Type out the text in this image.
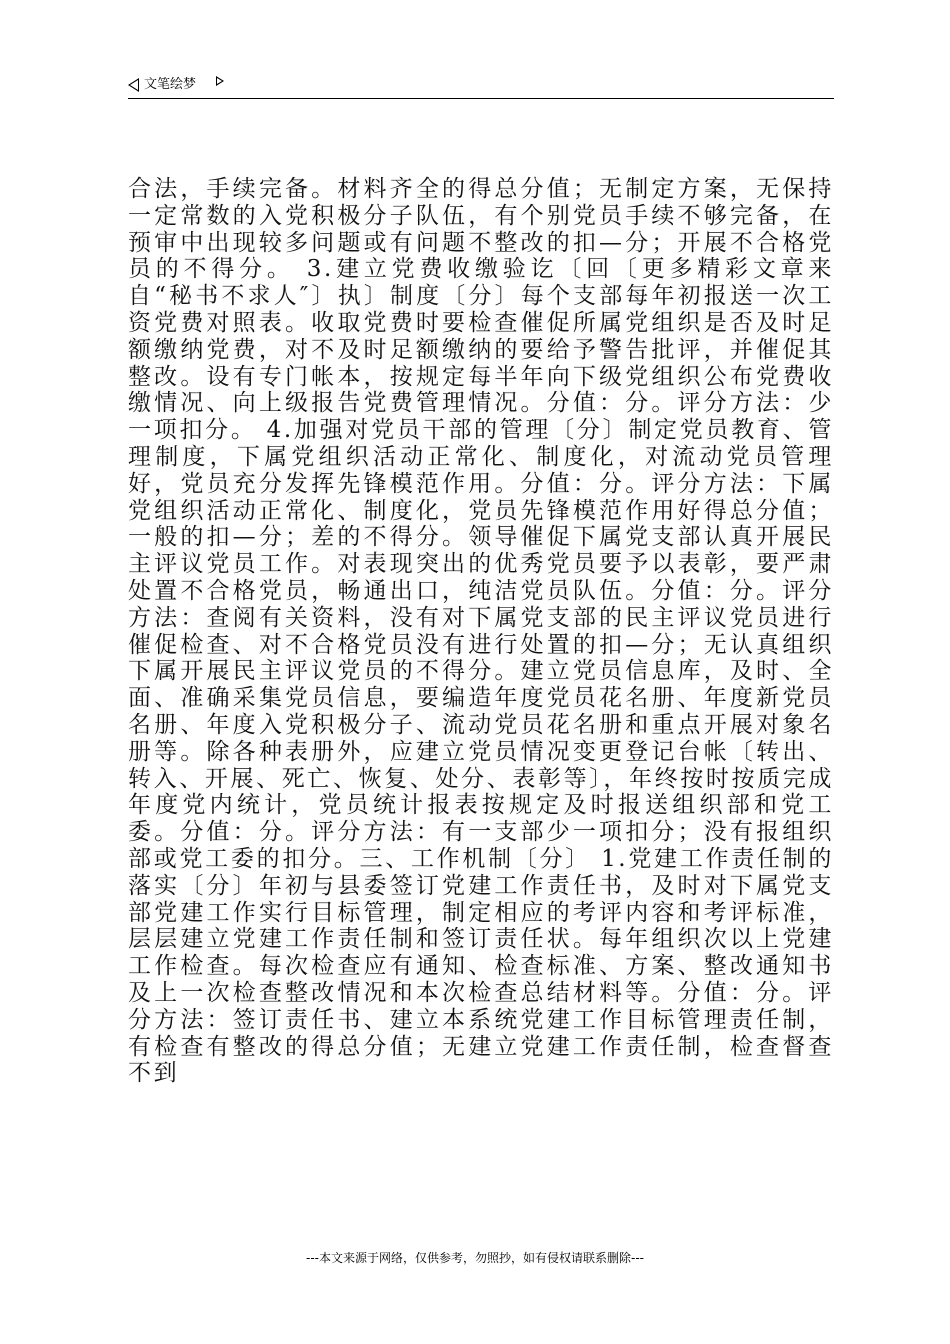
文笔绘梦
合法，手续完备。材料齐全的得总分值；无制定方案，无保持一定常数的入党积极分子队伍，有个别党员手续不够完备，在预审中出现较多问题或有问题不整改的扣—分；开展不合格党员的不得分。 3.建立党费收缴验讫〔回〔更多精彩文章来自“秘书不求人″〕执〕制度〔分〕每个支部每年初报送一次工资党费对照表。收取党费时要检查催促所属党组织是否及时足额缴纳党费，对不及时足额缴纳的要给予警告批评，并催促其整改。设有专门帐本，按规定每半年向下级党组织公布党费收缴情况、向上级报告党费管理情况。分值：分。评分方法：少一项扣分。 4.加强对党员干部的管理〔分〕制定党员教育、管理制度，下属党组织活动正常化、制度化，对流动党员管理好，党员充分发挥先锋模范作用。分值：分。评分方法：下属党组织活动正常化、制度化，党员先锋模范作用好得总分值；一般的扣—分；差的不得分。领导催促下属党支部认真开展民主评议党员工作。对表现突出的优秀党员要予以表彰，要严肃处置不合格党员，畅通出口，纯洁党员队伍。分值：分。评分方法：查阅有关资料，没有对下属党支部的民主评议党员进行催促检查、对不合格党员没有进行处置的扣—分；无认真组织下属开展民主评议党员的不得分。建立党员信息库，及时、全面、准确采集党员信息，要编造年度党员花名册、年度新党员名册、年度入党积极分子、流动党员花名册和重点开展对象名册等。除各种表册外，应建立党员情况变更登记台帐〔转出、转入、开展、死亡、恢复、处分、表彰等〕，年终按时按质完成年度党内统计，党员统计报表按规定及时报送组织部和党工委。分值：分。评分方法：有一支部少一项扣分；没有报组织部或党工委的扣分。三、工作机制〔分〕 1.党建工作责任制的落实〔分〕年初与县委签订党建工作责任书，及时对下属党支部党建工作实行目标管理，制定相应的考评内容和考评标准，层层建立党建工作责任制和签订责任状。每年组织次以上党建工作检查。每次检查应有通知、检查标准、方案、整改通知书及上一次检查整改情况和本次检查总结材料等。分值：分。评分方法：签订责任书、建立本系统党建工作目标管理责任制，有检查有整改的得总分值；无建立党建工作责任制，检查督查不到
---本文来源于网络，仅供参考，勿照抄，如有侵权请联系删除---
